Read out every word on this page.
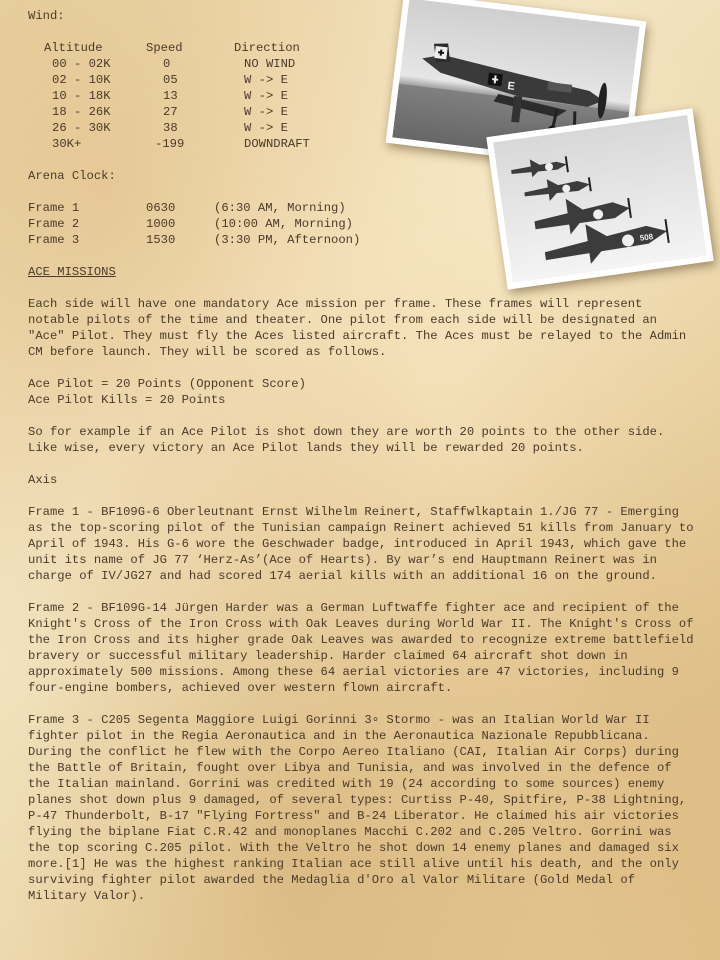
Wind:

Altitude	Speed	Direction
00 - 02K	0	NO WIND
02 - 10K	05	W -> E
10 - 18K	13	W -> E
18 - 26K	27	W -> E
26 - 30K	38	W -> E
30K+	-199	DOWNDRAFT

Arena Clock:

Frame 1	0630	(6:30 AM, Morning)
Frame 2	1000	(10:00 AM, Morning)
Frame 3	1530	(3:30 PM, Afternoon)

ACE MISSIONS

Each side will have one mandatory Ace mission per frame. These frames will represent notable pilots of the time and theater. One pilot from each side will be designated an "Ace" Pilot. They must fly the Aces listed aircraft. The Aces must be relayed to the Admin CM before launch. They will be scored as follows.

Ace Pilot = 20 Points (Opponent Score)

Ace Pilot Kills = 20 Points

So for example if an Ace Pilot is shot down they are worth 20 points to the other side. Like wise, every victory an Ace Pilot lands they will be rewarded 20 points.

Axis

Frame 1 - BF109G-6 Oberleutnant Ernst Wilhelm Reinert, Staffwlkaptain 1./JG 77 - Emerging as the top-scoring pilot of the Tunisian campaign Reinert achieved 51 kills from January to April of 1943. His G-6 wore the Geschwader badge, introduced in April 1943, which gave the unit its name of JG 77 ‘Herz-As’(Ace of Hearts). By war’s end Hauptmann Reinert was in charge of IV/JG27 and had scored 174 aerial kills with an additional 16 on the ground.

Frame 2 - BF109G-14 Jürgen Harder was a German Luftwaffe fighter ace and recipient of the Knight's Cross of the Iron Cross with Oak Leaves during World War II. The Knight's Cross of the Iron Cross and its higher grade Oak Leaves was awarded to recognize extreme battlefield bravery or successful military leadership. Harder claimed 64 aircraft shot down in approximately 500 missions. Among these 64 aerial victories are 47 victories, including 9 four-engine bombers, achieved over western flown aircraft.

Frame 3 - C205 Segenta Maggiore Luigi Gorinni 3∘ Stormo - was an Italian World War II fighter pilot in the Regia Aeronautica and in the Aeronautica Nazionale Repubblicana. During the conflict he flew with the Corpo Aereo Italiano (CAI, Italian Air Corps) during the Battle of Britain, fought over Libya and Tunisia, and was involved in the defence of the Italian mainland. Gorrini was credited with 19 (24 according to some sources) enemy planes shot down plus 9 damaged, of several types: Curtiss P-40, Spitfire, P-38 Lightning, P-47 Thunderbolt, B-17 "Flying Fortress" and B-24 Liberator. He claimed his air victories flying the biplane Fiat C.R.42 and monoplanes Macchi C.202 and C.205 Veltro. Gorrini was the top scoring C.205 pilot. With the Veltro he shot down 14 enemy planes and damaged six more.[1] He was the highest ranking Italian ace still alive until his death, and the only surviving fighter pilot awarded the Medaglia d'Oro al Valor Militare (Gold Medal of Military Valor).

E
508
